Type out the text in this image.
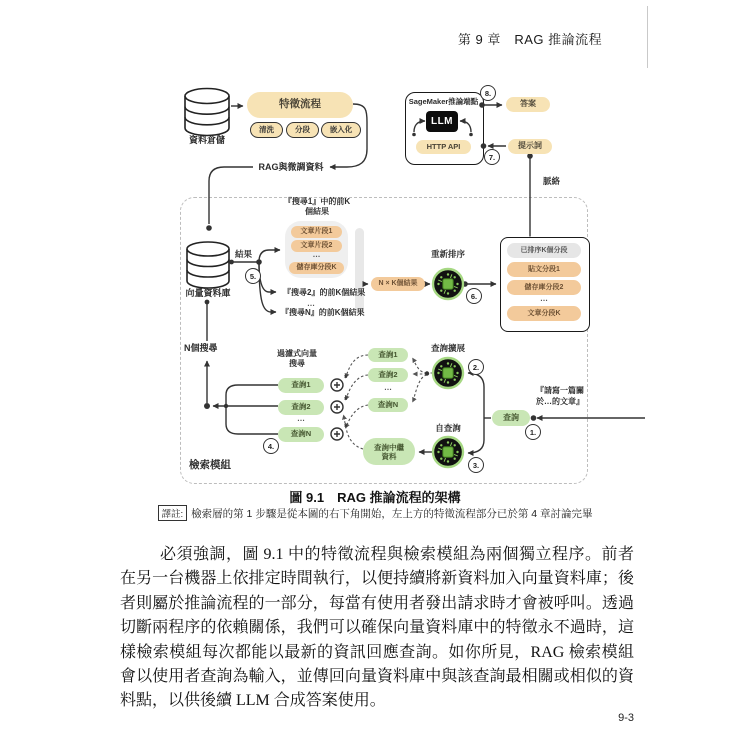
第 9 章　RAG 推論流程
資料倉儲
特徵流程
清洗	分段	嵌入化
RAG與微調資料
SageMaker推論端點
LLM
HTTP API
答案
提示詞
脈絡
向量資料庫
結果
『搜尋1』中的前K
個結果
文章片段1
文章片段2
…
儲存庫分段K
『搜尋2』的前K個結果
…
『搜尋N』的前K個結果
N × K個結果
重新排序	已排序K個分段
貼文分段1
儲存庫分段2
…
文章分段K
N個搜尋
過濾式向量
搜尋
查詢1
查詢2
…
查詢N
*
*
*
查詢1
查詢2
…
查詢N
查詢擴展
自查詢
查詢中繼
資料
查詢
『請寫一篇關
於…的文章』
檢索模組
1.
2.
3.
4.
5.
6.
7.
8.
圖 9.1　RAG 推論流程的架構
譯註: 檢索層的第 1 步驟是從本圖的右下角開始，左上方的特徵流程部分已於第 4 章討論完畢
必須強調，圖 9.1 中的特徵流程與檢索模組為兩個獨立程序。前者在另一台機器上依排定時間執行，以便持續將新資料加入向量資料庫；後者則屬於推論流程的一部分，每當有使用者發出請求時才會被呼叫。透過切斷兩程序的依賴關係，我們可以確保向量資料庫中的特徵永不過時，這樣檢索模組每次都能以最新的資訊回應查詢。如你所見，RAG 檢索模組會以使用者查詢為輸入，並傳回向量資料庫中與該查詢最相關或相似的資料點，以供後續 LLM 合成答案使用。
9-3
